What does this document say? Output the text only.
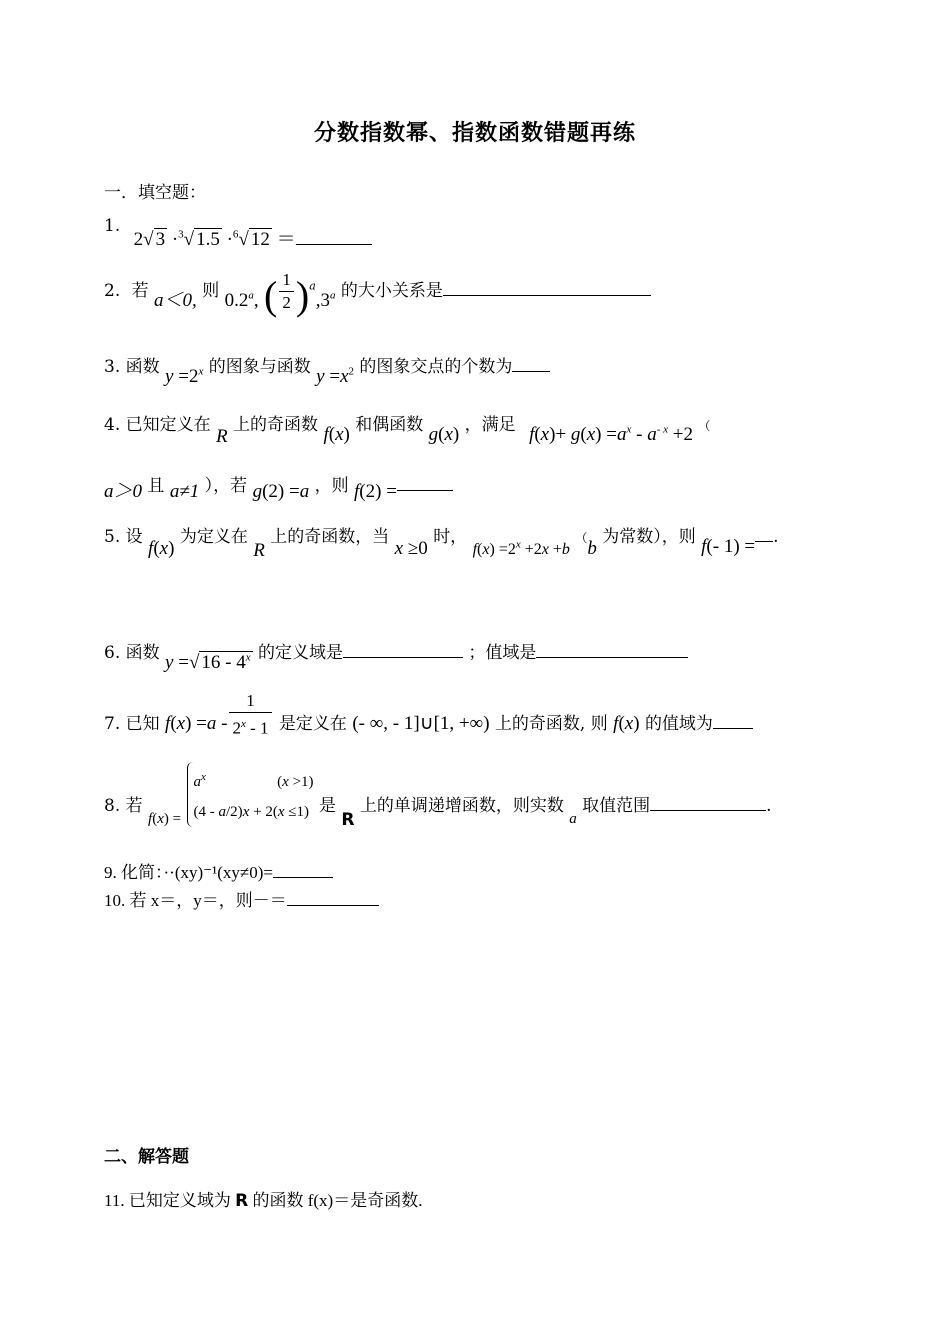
分数指数幂、指数函数错题再练
一．填空题：
1. 2√ 3 ·$^3$√ 1.5 ·$^6$√ 12 ＝
2. 若 a＜0, 则 0.2$^a$, ( $\frac{1}{2} )^a,3^a$ 的大小关系是
3. 函数 $y =2^x$ 的图象与函数 $y =x^2$ 的图象交点的个数为
4. 已知定义在 R 上的奇函数 f(x) 和偶函数 g(x) ，满足 $f(x)+ g(x) =a^x - a^{- x} +2$ （
a＞0 且 a≠1 ），若 g(2) =a ，则 f(2) =
5. 设 f(x) 为定义在 R 上的奇函数，当 x ≥0 时， $f(x) =2^x +2x +b$ （b 为常数），则 f(- 1) = .
6. 函数 y =√ 16 - 4$^x$ 的定义域是	；值域是
7. 已知 $f(x) =a - \frac{1}{2^x - 1}$ 是定义在 (- ∞, - 1]∪[1, +∞) 上的奇函数, 则 f(x) 的值域为
8. 若 f(x) =
$a^x$                   (x >1)
(4 - a/2)x + 2(x ≤1) 是 R 上的单调递增函数，则实数 a 取值范围	.
9. 化简：··(xy)⁻¹(xy≠0)=
10. 若 x＝，y＝，则－＝
二、解答题
11. 已知定义域为 R 的函数 f(x)＝是奇函数.
